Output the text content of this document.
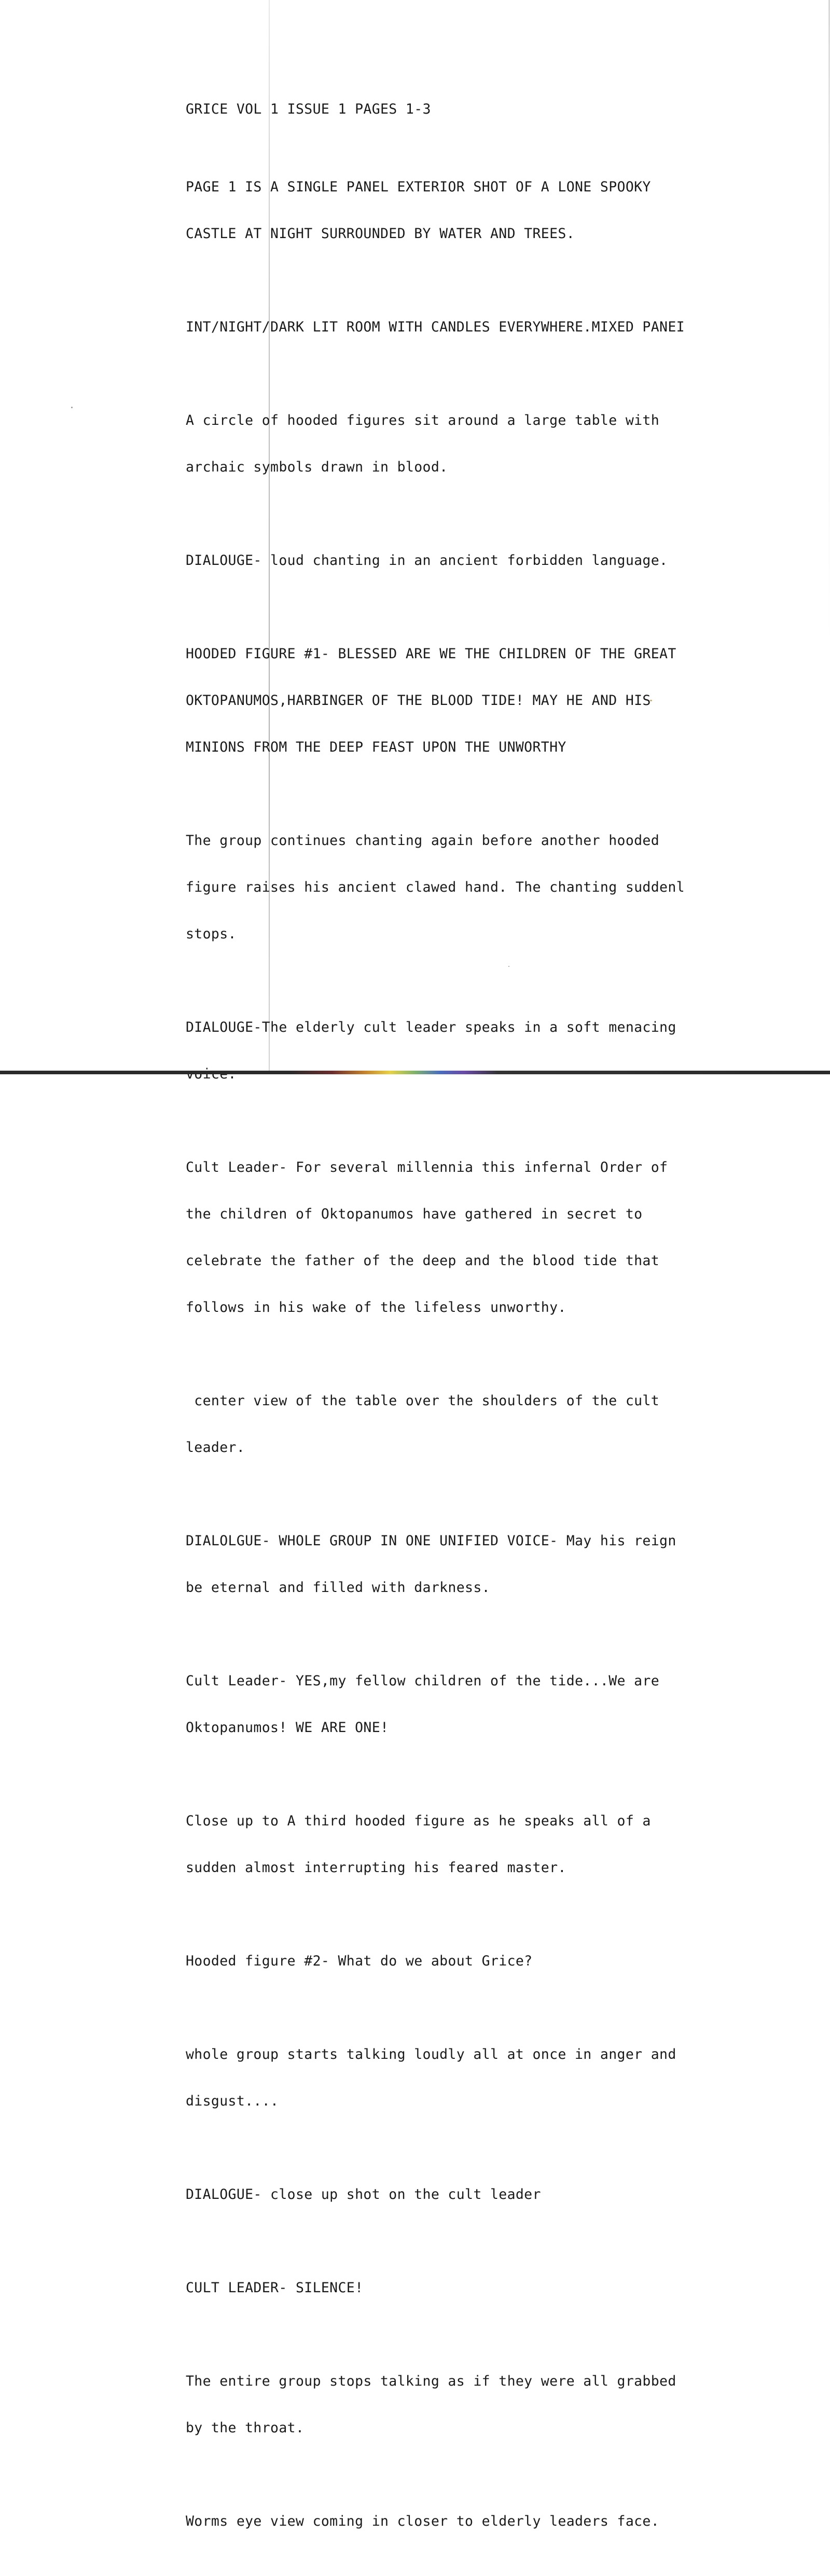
GRICE VOL 1 ISSUE 1 PAGES 1-3

PAGE 1 IS A SINGLE PANEL EXTERIOR SHOT OF A LONE SPOOKY

CASTLE AT NIGHT SURROUNDED BY WATER AND TREES.

INT/NIGHT/DARK LIT ROOM WITH CANDLES EVERYWHERE.MIXED PANEI

A circle of hooded figures sit around a large table with

archaic symbols drawn in blood.

DIALOUGE- loud chanting in an ancient forbidden language.

HOODED FIGURE #1- BLESSED ARE WE THE CHILDREN OF THE GREAT

OKTOPANUMOS,HARBINGER OF THE BLOOD TIDE! MAY HE AND HIS

MINIONS FROM THE DEEP FEAST UPON THE UNWORTHY

The group continues chanting again before another hooded

figure raises his ancient clawed hand. The chanting suddenl

stops.

DIALOUGE-The elderly cult leader speaks in a soft menacing

Cult Leader- For several millennia this infernal Order of

the children of Oktopanumos have gathered in secret to

celebrate the father of the deep and the blood tide that

follows in his wake of the lifeless unworthy.

center view of the table over the shoulders of the cult

leader.

DIALOLGUE- WHOLE GROUP IN ONE UNIFIED VOICE- May his reign

be eternal and filled with darkness.

Cult Leader- YES,my fellow children of the tide...We are

Oktopanumos! WE ARE ONE!

Close up to A third hooded figure as he speaks all of a

sudden almost interrupting his feared master.

Hooded figure #2- What do we about Grice?

whole group starts talking loudly all at once in anger and

disgust....

DIALOGUE- close up shot on the cult leader

CULT LEADER- SILENCE!

The entire group stops talking as if they were all grabbed

by the throat.

Worms eye view coming in closer to elderly leaders face.
